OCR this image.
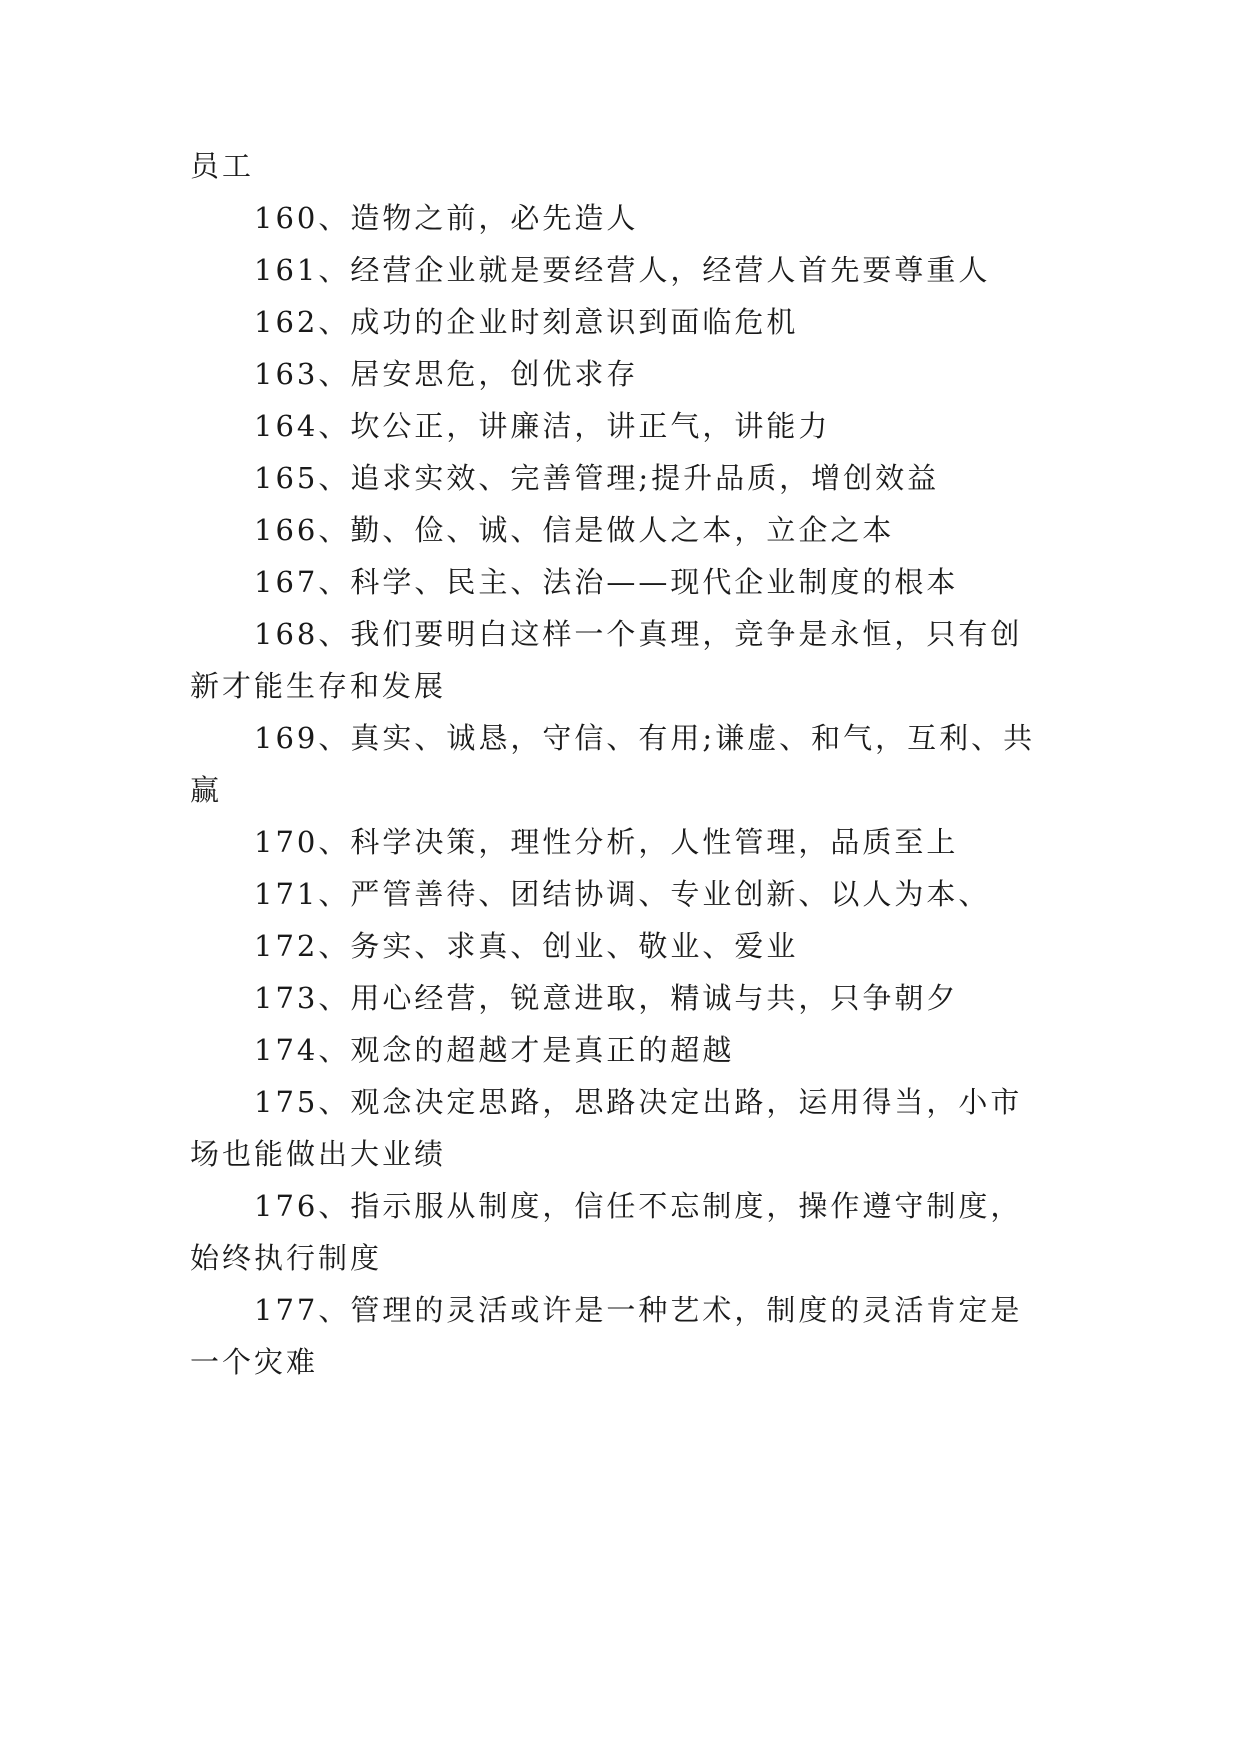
员工

160、造物之前，必先造人

161、经营企业就是要经营人，经营人首先要尊重人

162、成功的企业时刻意识到面临危机

163、居安思危，创优求存

164、坎公正，讲廉洁，讲正气，讲能力

165、追求实效、完善管理;提升品质，增创效益

166、勤、俭、诚、信是做人之本，立企之本

167、科学、民主、法治——现代企业制度的根本

168、我们要明白这样一个真理，竞争是永恒，只有创

新才能生存和发展

169、真实、诚恳，守信、有用;谦虚、和气，互利、共

赢

170、科学决策，理性分析，人性管理，品质至上

171、严管善待、团结协调、专业创新、以人为本、

172、务实、求真、创业、敬业、爱业

173、用心经营，锐意进取，精诚与共，只争朝夕

174、观念的超越才是真正的超越

175、观念决定思路，思路决定出路，运用得当，小市

场也能做出大业绩

176、指示服从制度，信任不忘制度，操作遵守制度，

始终执行制度

177、管理的灵活或许是一种艺术，制度的灵活肯定是

一个灾难
